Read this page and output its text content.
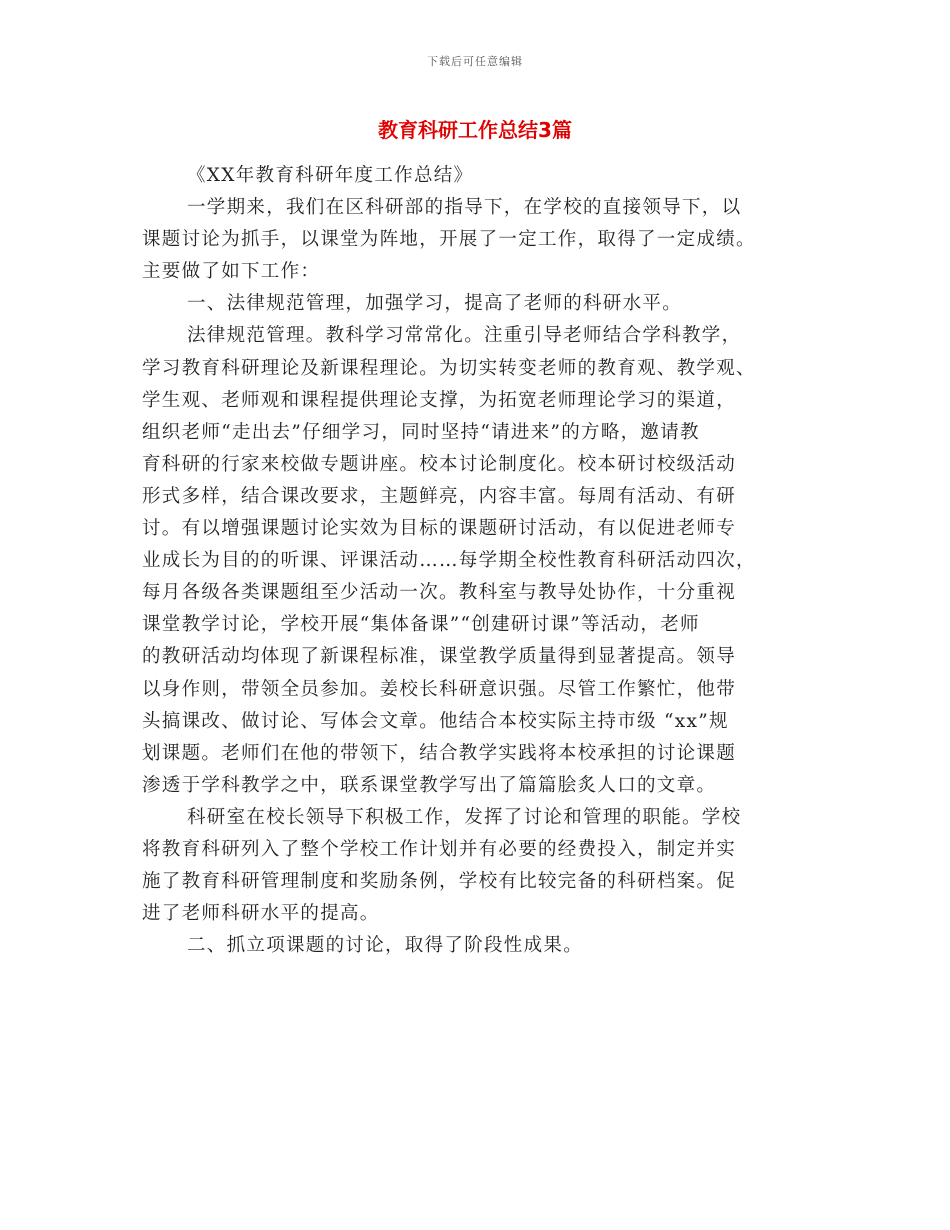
下载后可任意编辑
教育科研工作总结3篇
《XX年教育科研年度工作总结》
一学期来，我们在区科研部的指导下，在学校的直接领导下，以
课题讨论为抓手，以课堂为阵地，开展了一定工作，取得了一定成绩。
主要做了如下工作：
一、法律规范管理，加强学习，提高了老师的科研水平。
法律规范管理。教科学习常常化。注重引导老师结合学科教学，
学习教育科研理论及新课程理论。为切实转变老师的教育观、教学观、
学生观、老师观和课程提供理论支撑，为拓宽老师理论学习的渠道，
组织老师“走出去”仔细学习，同时坚持“请进来”的方略，邀请教
育科研的行家来校做专题讲座。校本讨论制度化。校本研讨校级活动
形式多样，结合课改要求，主题鲜亮，内容丰富。每周有活动、有研
讨。有以增强课题讨论实效为目标的课题研讨活动，有以促进老师专
业成长为目的的听课、评课活动……每学期全校性教育科研活动四次，
每月各级各类课题组至少活动一次。教科室与教导处协作，十分重视
课堂教学讨论，学校开展“集体备课”“创建研讨课”等活动，老师
的教研活动均体现了新课程标准，课堂教学质量得到显著提高。领导
以身作则，带领全员参加。姜校长科研意识强。尽管工作繁忙，他带
头搞课改、做讨论、写体会文章。他结合本校实际主持市级 “xx”规
划课题。老师们在他的带领下，结合教学实践将本校承担的讨论课题
渗透于学科教学之中，联系课堂教学写出了篇篇脍炙人口的文章。
科研室在校长领导下积极工作，发挥了讨论和管理的职能。学校
将教育科研列入了整个学校工作计划并有必要的经费投入，制定并实
施了教育科研管理制度和奖励条例，学校有比较完备的科研档案。促
进了老师科研水平的提高。
二、抓立项课题的讨论，取得了阶段性成果。
